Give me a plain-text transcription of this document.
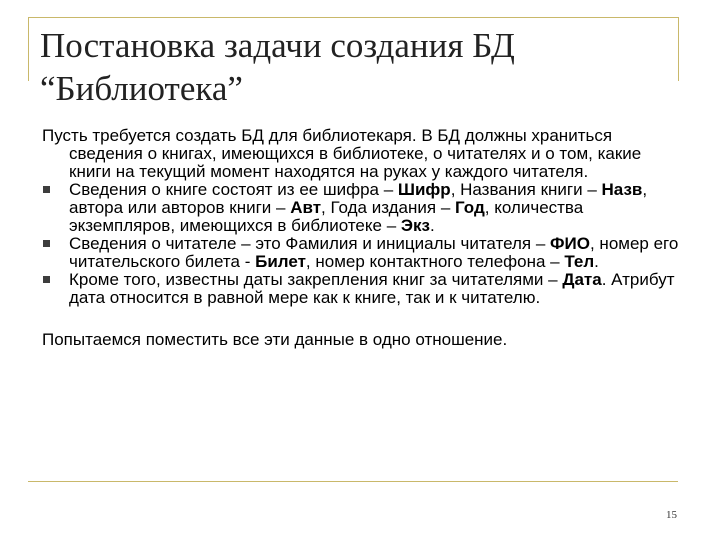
Постановка задачи создания БД
“Библиотека”

Пусть требуется создать БД для библиотекаря. В БД должны храниться сведения о книгах, имеющихся в библиотеке, о читателях и о том, какие книги на текущий момент находятся на руках у каждого читателя.

Сведения о книге состоят из ее шифра – Шифр, Названия книги – Назв, автора или авторов книги – Авт, Года издания – Год, количества экземпляров, имеющихся в библиотеке – Экз.
Сведения о читателе – это Фамилия и инициалы читателя – ФИО, номер его читательского билета - Билет, номер контактного телефона – Тел.
Кроме того, известны даты закрепления книг за читателями – Дата. Атрибут дата относится в равной мере как к книге, так и к читателю.

Попытаемся поместить все эти данные в одно отношение.

15
